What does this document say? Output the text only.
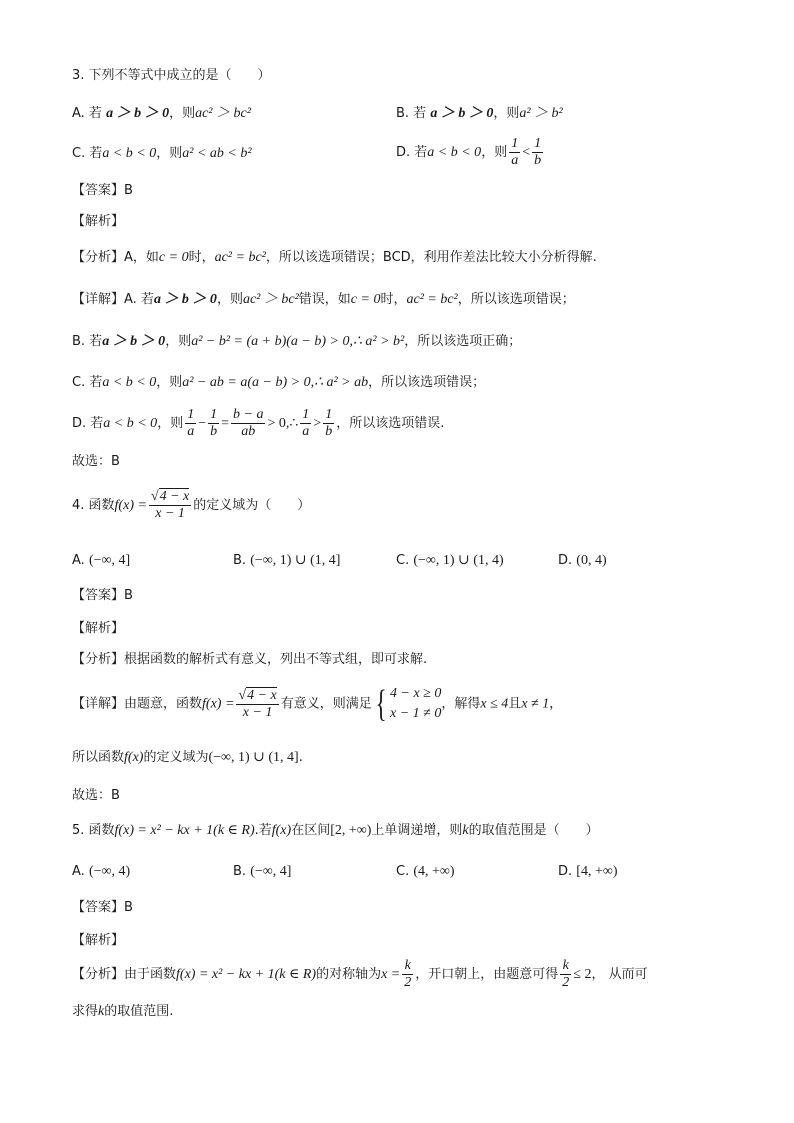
3. 下列不等式中成立的是（　　）
A. 若 a ＞ b ＞ 0，则ac² ＞ bc²	B. 若 a ＞ b ＞ 0，则a² ＞ b²
C. 若a < b < 0，则a² < ab < b²	D. 若a < b < 0，则 $\frac{1}{a} < \frac{1}{b}$
【答案】B
【解析】
【分析】A，如c = 0时，ac² = bc²，所以该选项错误；BCD，利用作差法比较大小分析得解.
【详解】A. 若a ＞ b ＞ 0，则ac² ＞ bc²错误，如c = 0时，ac² = bc²，所以该选项错误；
B. 若a ＞ b ＞ 0，则a² − b² = (a + b)(a − b) > 0,∴ a² > b²，所以该选项正确；
C. 若a < b < 0，则a² − ab = a(a − b) > 0,∴ a² > ab，所以该选项错误；
D. 若a < b < 0，则 $\frac{1}{a} - \frac{1}{b} = \frac{b - a}{ab}$ > 0,∴ $\frac{1}{a} > \frac{1}{b}$ ，所以该选项错误.
故选：B
4. 函数$f(x) = \frac{√4 - x}{x - 1}$ 的定义域为（　　）
A. (−∞, 4]	B. (−∞, 1) ∪ (1, 4]	C. (−∞, 1) ∪ (1, 4)	D. (0, 4)
【答案】B
【解析】
【分析】根据函数的解析式有意义，列出不等式组，即可求解.
【详解】由题意，函数$f(x) = \frac{√4 - x}{x - 1}$ 有意义，则满足{ 4 − x ≥ 0
x − 1 ≠ 0
，解得x ≤ 4且x ≠ 1，
所以函数f(x)的定义域为(−∞, 1) ∪ (1, 4].
故选：B
5. 函数f(x) = x² − kx + 1(k ∈ R).若f(x)在区间[2, +∞)上单调递增，则k的取值范围是（　　）
A. (−∞, 4)	B. (−∞, 4]	C. (4, +∞)	D. [4, +∞)
【答案】B
【解析】
【分析】由于函数f(x) = x² − kx + 1(k ∈ R)的对称轴为$x = \frac{k}{2}$ ，开口朝上，由题意可得 $\frac{k}{2} \le 2$， 从而可
求得k的取值范围.
